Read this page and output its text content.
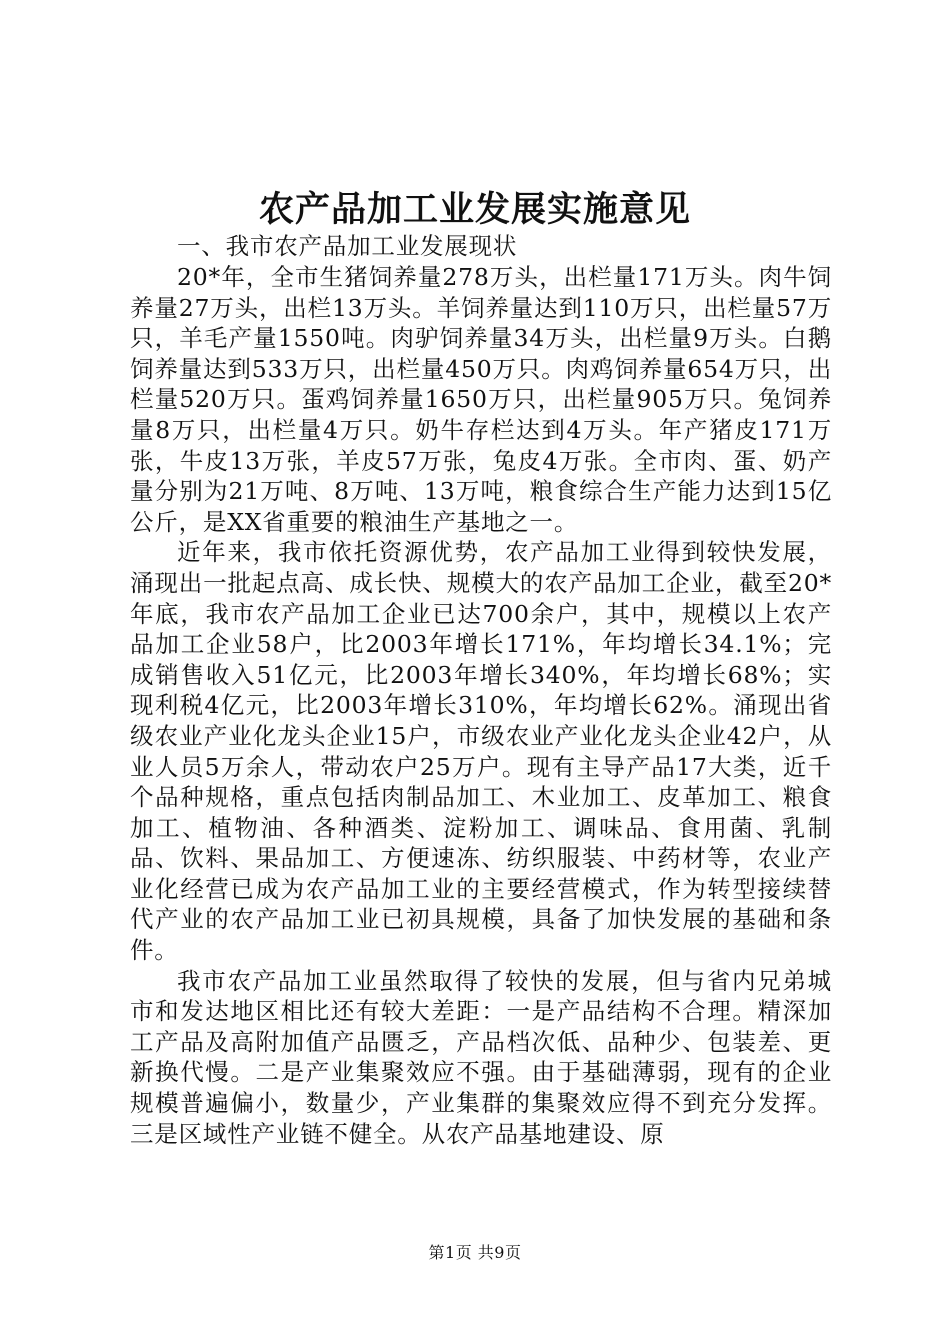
农产品加工业发展实施意见

一、我市农产品加工业发展现状

20*年，全市生猪饲养量278万头，出栏量171万头。肉牛饲养量27万头，出栏13万头。羊饲养量达到110万只，出栏量57万只，羊毛产量1550吨。肉驴饲养量34万头，出栏量9万头。白鹅饲养量达到533万只，出栏量450万只。肉鸡饲养量654万只，出栏量520万只。蛋鸡饲养量1650万只，出栏量905万只。兔饲养量8万只，出栏量4万只。奶牛存栏达到4万头。年产猪皮171万张，牛皮13万张，羊皮57万张，兔皮4万张。全市肉、蛋、奶产量分别为21万吨、8万吨、13万吨，粮食综合生产能力达到15亿公斤，是XX省重要的粮油生产基地之一。

近年来，我市依托资源优势，农产品加工业得到较快发展，涌现出一批起点高、成长快、规模大的农产品加工企业，截至20*年底，我市农产品加工企业已达700余户，其中，规模以上农产品加工企业58户，比2003年增长171%，年均增长34.1%；完成销售收入51亿元，比2003年增长340%，年均增长68%；实现利税4亿元，比2003年增长310%，年均增长62%。涌现出省级农业产业化龙头企业15户，市级农业产业化龙头企业42户，从业人员5万余人，带动农户25万户。现有主导产品17大类，近千个品种规格，重点包括肉制品加工、木业加工、皮革加工、粮食加工、植物油、各种酒类、淀粉加工、调味品、食用菌、乳制品、饮料、果品加工、方便速冻、纺织服装、中药材等，农业产业化经营已成为农产品加工业的主要经营模式，作为转型接续替代产业的农产品加工业已初具规模，具备了加快发展的基础和条件。

我市农产品加工业虽然取得了较快的发展，但与省内兄弟城市和发达地区相比还有较大差距：一是产品结构不合理。精深加工产品及高附加值产品匮乏，产品档次低、品种少、包装差、更新换代慢。二是产业集聚效应不强。由于基础薄弱，现有的企业规模普遍偏小，数量少，产业集群的集聚效应得不到充分发挥。三是区域性产业链不健全。从农产品基地建设、原

第1页 共9页
